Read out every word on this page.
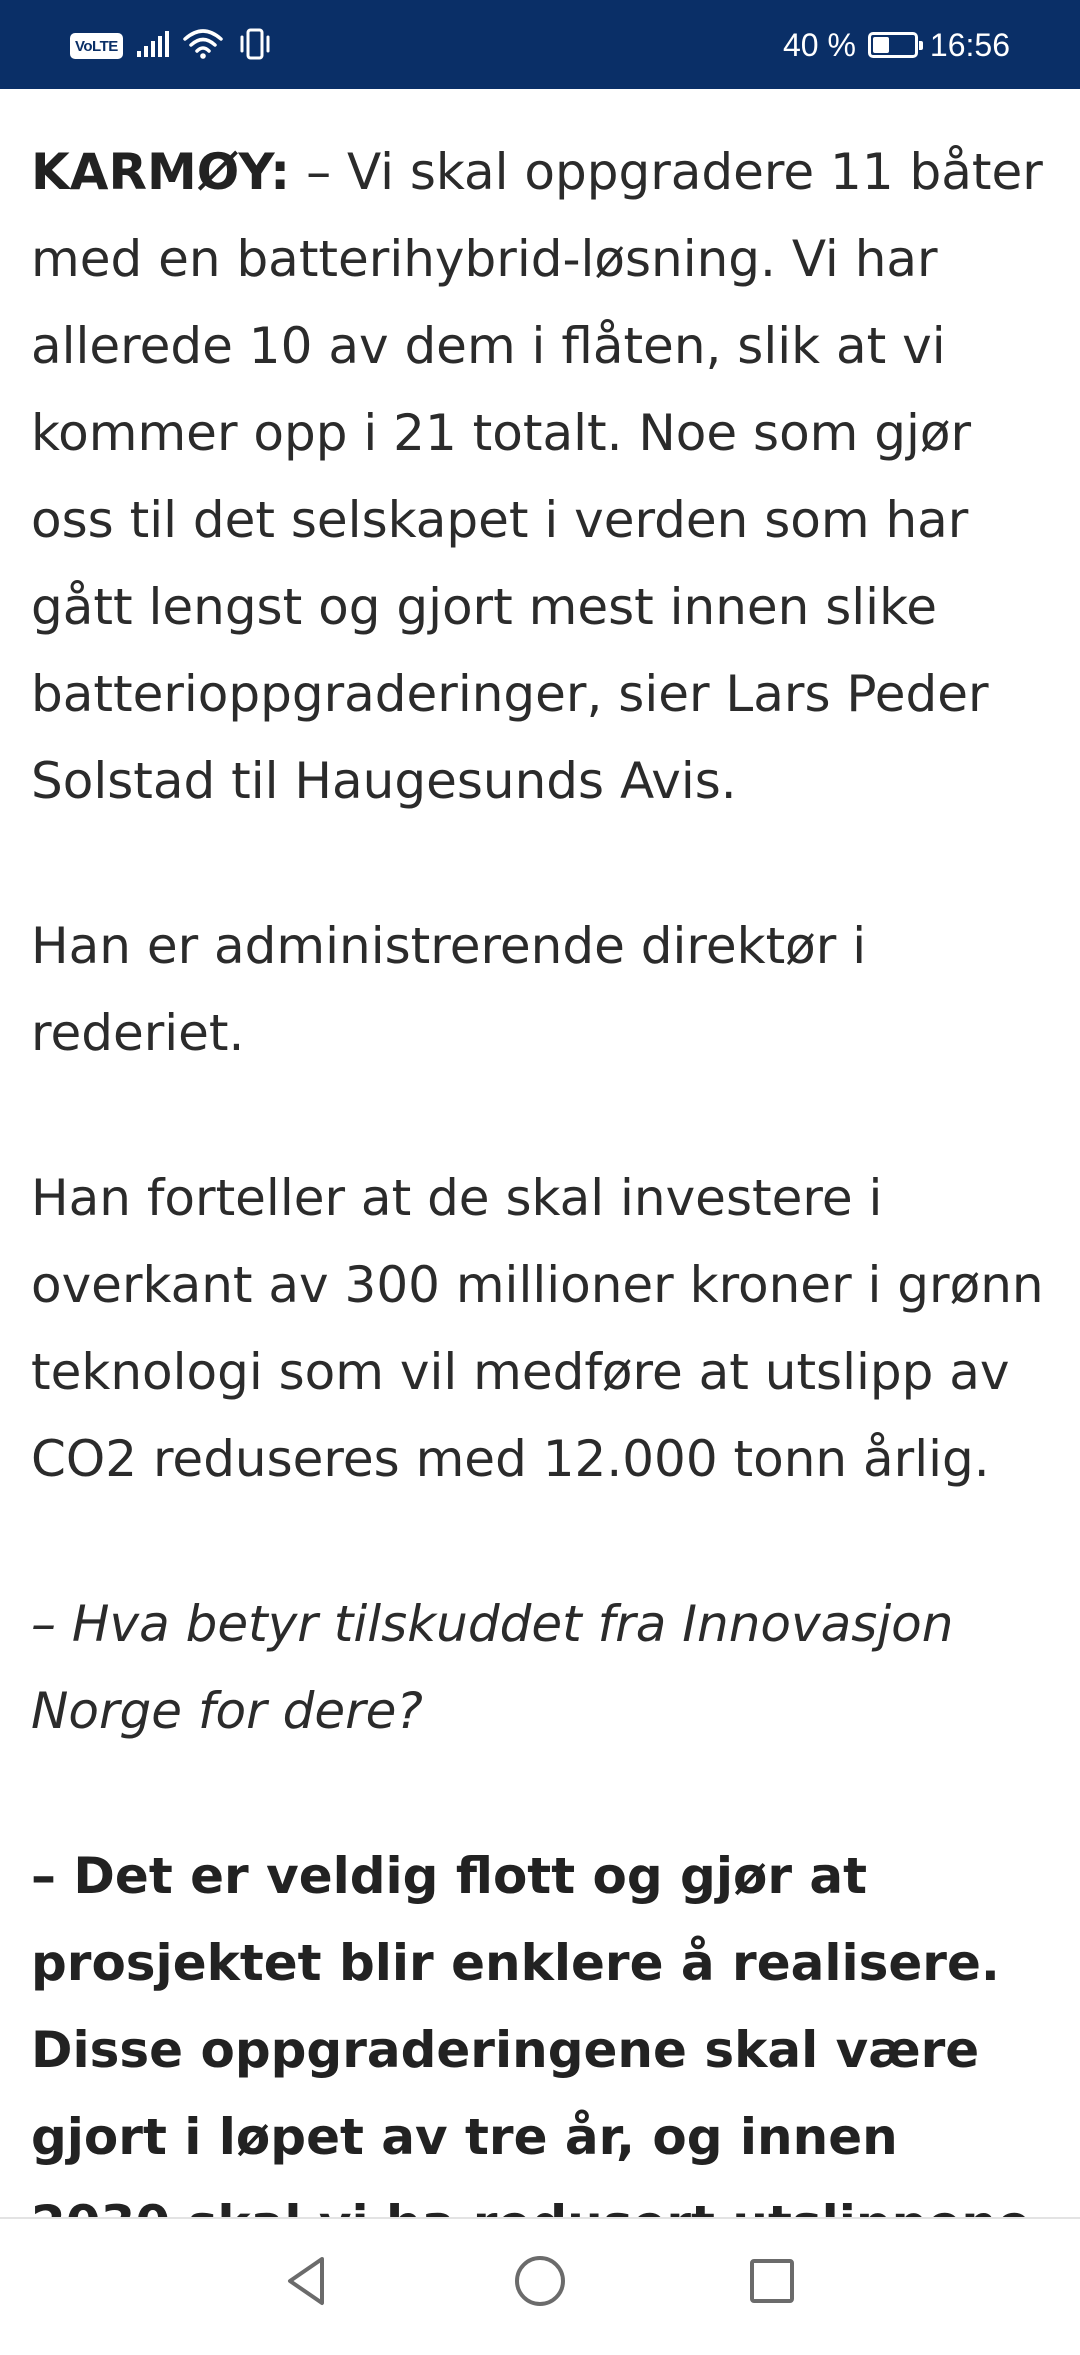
VoLTE	40 % 16:56

KARMØY: – Vi skal oppgradere 11 båter med en batterihybrid-løsning. Vi har allerede 10 av dem i flåten, slik at vi kommer opp i 21 totalt. Noe som gjør oss til det selskapet i verden som har gått lengst og gjort mest innen slike batterioppgraderinger, sier Lars Peder Solstad til Haugesunds Avis.

Han er administrerende direktør i rederiet.

Han forteller at de skal investere i overkant av 300 millioner kroner i grønn teknologi som vil medføre at utslipp av CO2 reduseres med 12.000 tonn årlig.

– Hva betyr tilskuddet fra Innovasjon Norge for dere?

– Det er veldig flott og gjør at prosjektet blir enklere å realisere. Disse oppgraderingene skal være gjort i løpet av tre år, og innen
